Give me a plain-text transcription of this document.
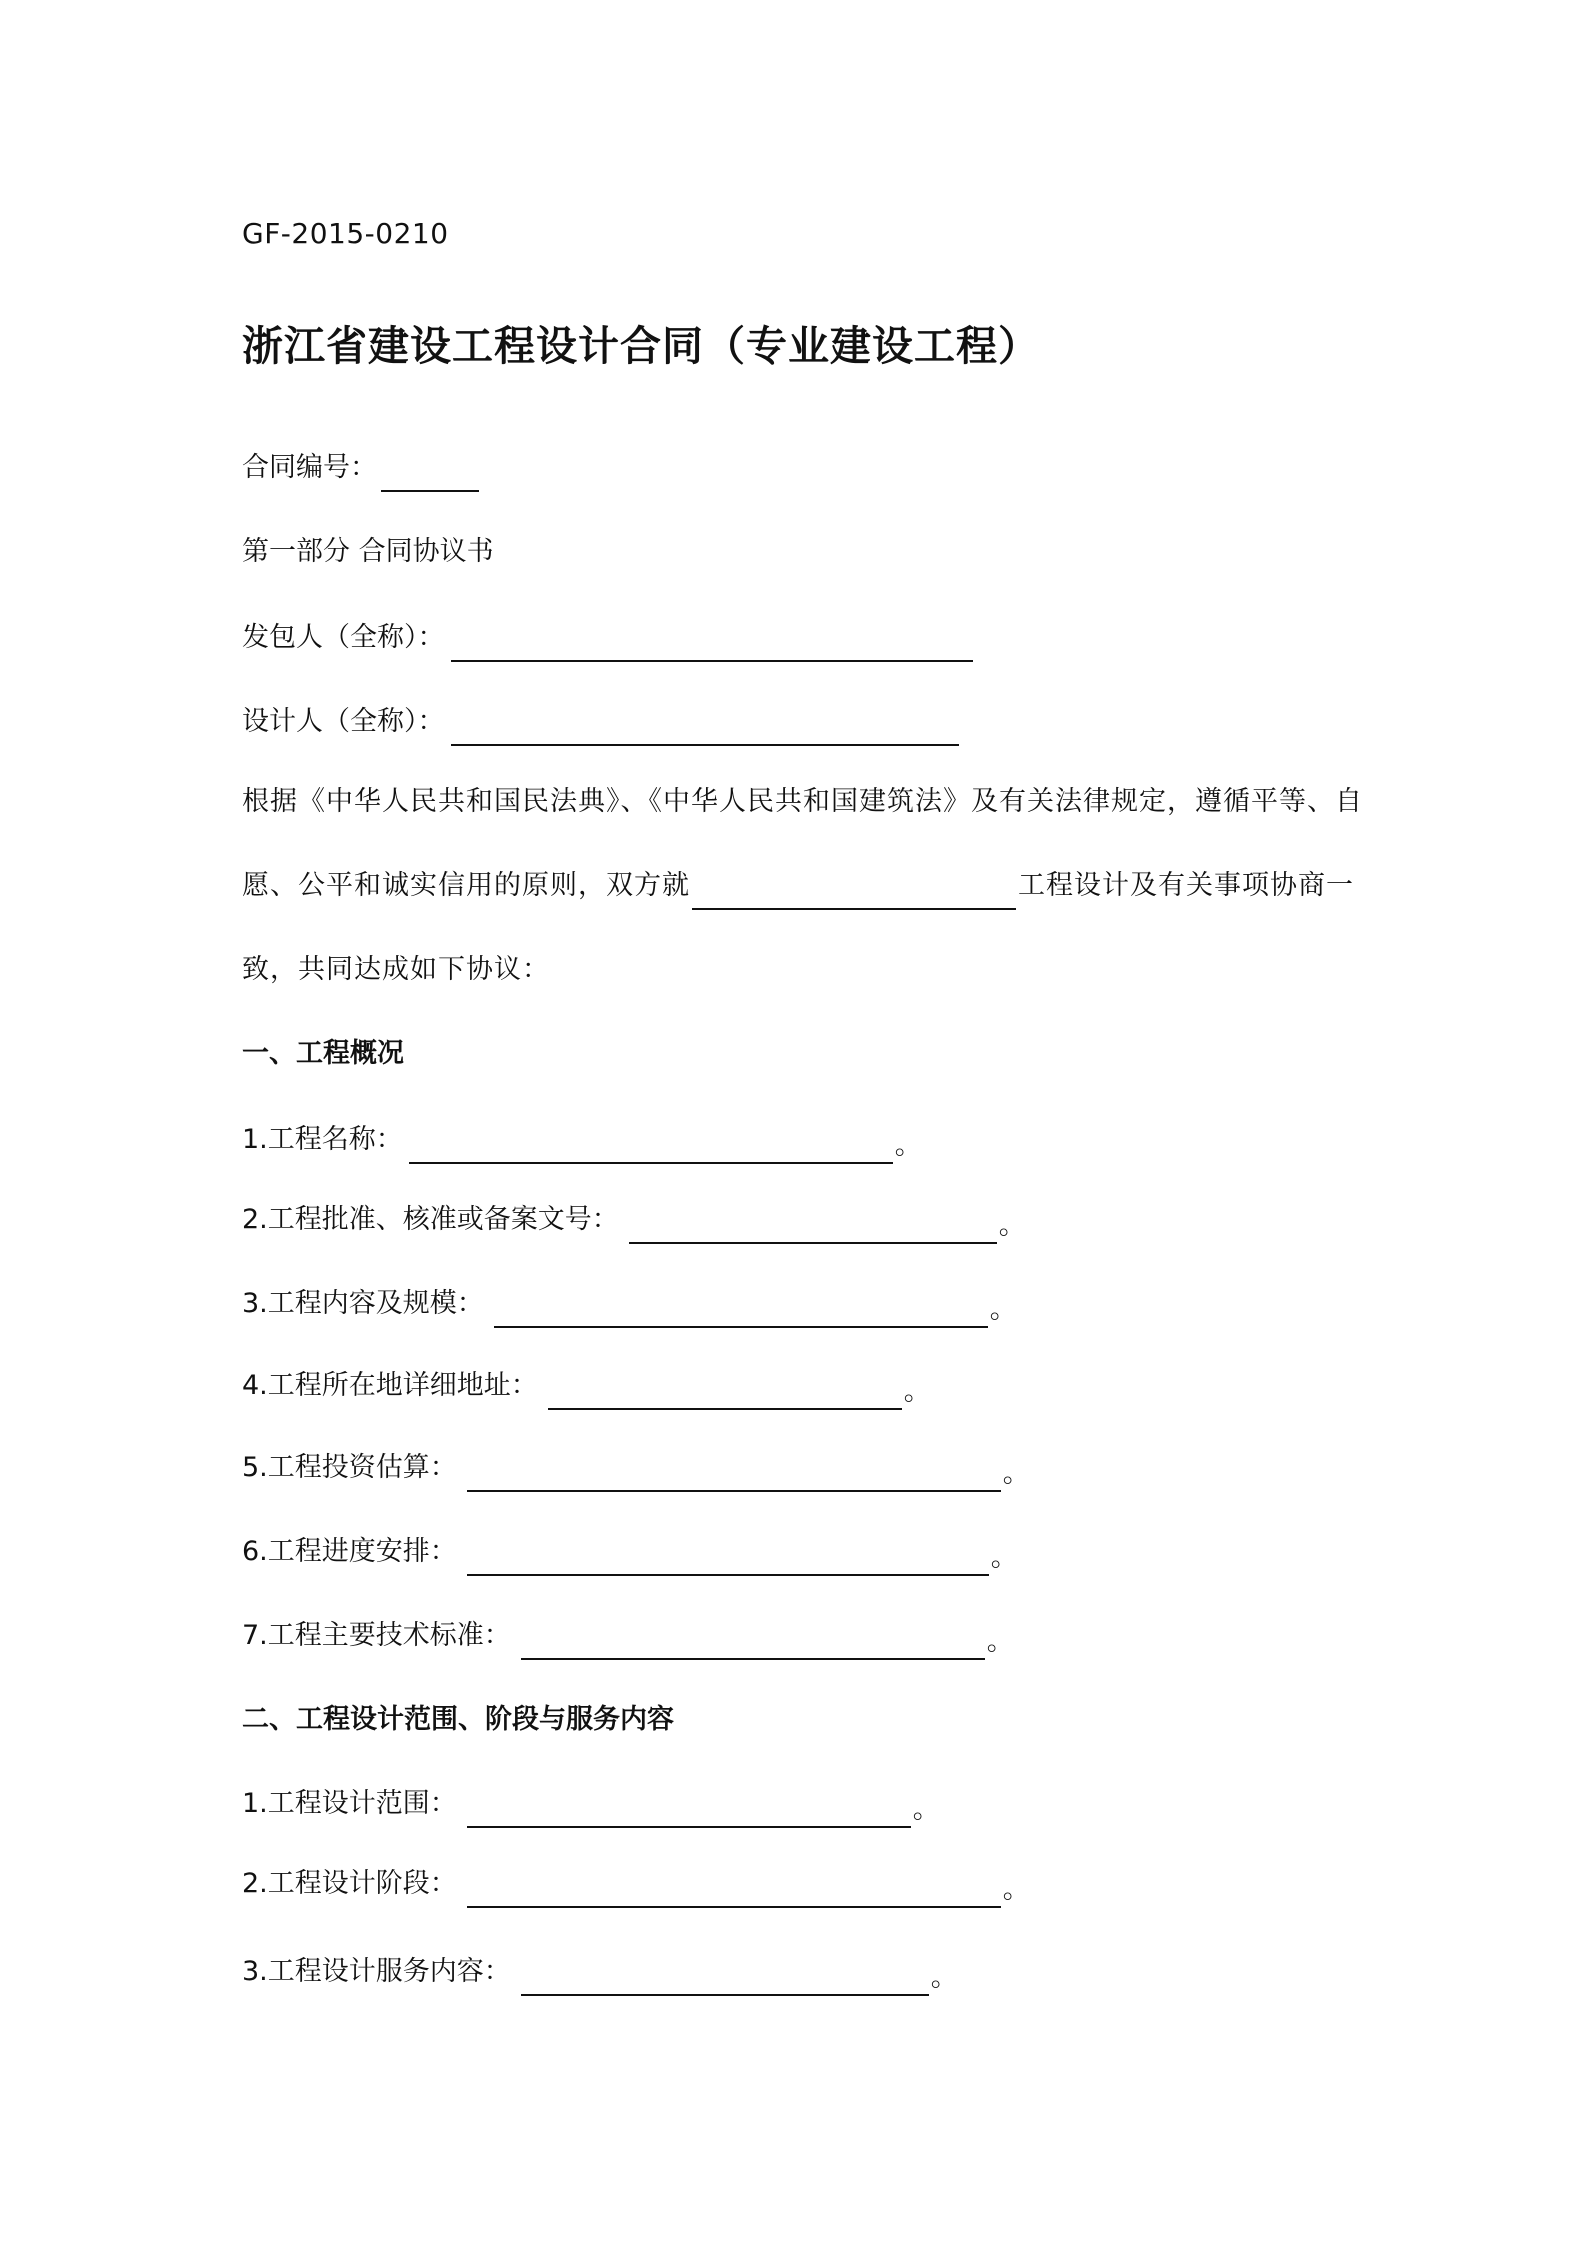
GF-2015-0210
浙江省建设工程设计合同（专业建设工程）
合同编号：
第一部分 合同协议书
发包人（全称）：
设计人（全称）：
根据《中华人民共和国民法典》、《中华人民共和国建筑法》及有关法律规定，遵循平等、自
愿、公平和诚实信用的原则，双方就	工程设计及有关事项协商一
致，共同达成如下协议：
一、工程概况
1.工程名称：	。
2.工程批准、核准或备案文号：	。
3.工程内容及规模：	。
4.工程所在地详细地址：	。
5.工程投资估算：	。
6.工程进度安排：	。
7.工程主要技术标准：	。
二、工程设计范围、阶段与服务内容
1.工程设计范围：	。
2.工程设计阶段：	。
3.工程设计服务内容：	。
